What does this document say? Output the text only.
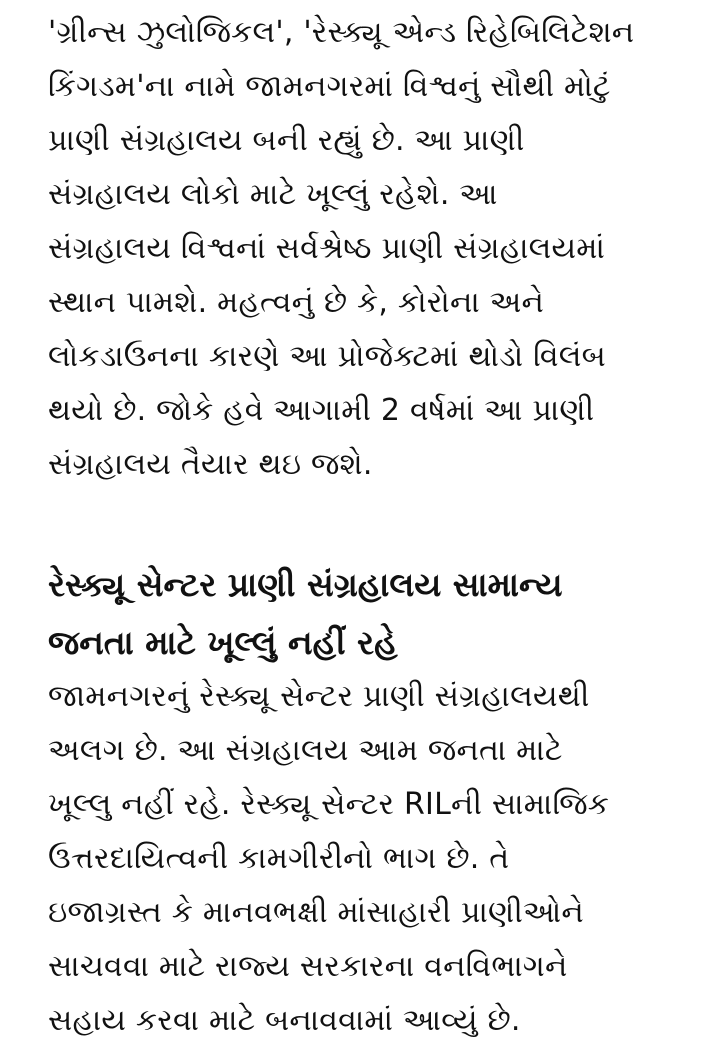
'ગ્રીન્સ ઝુલોજિકલ', 'રેસ્ક્યૂ એન્ડ રિહેબિલિટેશન
કિંગડમ'ના નામે જામનગરમાં વિશ્વનું સૌથી મોટું
પ્રાણી સંગ્રહાલય બની રહ્યું છે. આ પ્રાણી
સંગ્રહાલય લોકો માટે ખૂલ્લું રહેશે. આ
સંગ્રહાલય વિશ્વનાં સર્વશ્રેષ્ઠ પ્રાણી સંગ્રહાલયમાં
સ્થાન પામશે. મહત્વનું છે કે, કોરોના અને
લોકડાઉનના કારણે આ પ્રોજેક્ટમાં થોડો વિલંબ
થયો છે. જોકે હવે આગામી 2 વર્ષમાં આ પ્રાણી
સંગ્રહાલય તૈયાર થઇ જશે.
રેસ્ક્યૂ સેન્ટર પ્રાણી સંગ્રહાલય સામાન્ય
જનતા માટે ખૂલ્લું નહીં રહે
જામનગરનું રેસ્ક્યૂ સેન્ટર પ્રાણી સંગ્રહાલયથી
અલગ છે. આ સંગ્રહાલય આમ જનતા માટે
ખૂલ્લુ નહીં રહે. રેસ્ક્યૂ સેન્ટર RILની સામાજિક
ઉત્તરદાયિત્વની કામગીરીનો ભાગ છે. તે
ઇજાગ્રસ્ત કે માનવભક્ષી માંસાહારી પ્રાણીઓને
સાચવવા માટે રાજ્ય સરકારના વનવિભાગને
સહાય કરવા માટે બનાવવામાં આવ્યું છે.
